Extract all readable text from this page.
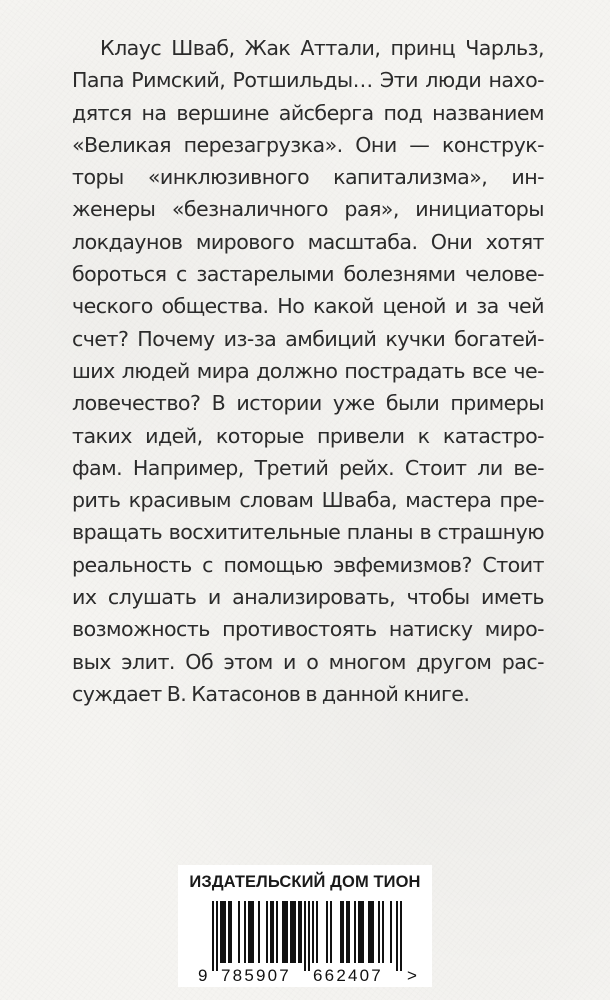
Клаус Шваб, Жак Аттали, принц Чарльз,
Папа Римский, Ротшильды… Эти люди нахо-
дятся на вершине айсберга под названием
«Великая перезагрузка». Они — конструк-
торы «инклюзивного капитализма», ин-
женеры «безналичного рая», инициаторы
локдаунов мирового масштаба. Они хотят
бороться с застарелыми болезнями челове-
ческого общества. Но какой ценой и за чей
счет? Почему из-за амбиций кучки богатей-
ших людей мира должно пострадать все че-
ловечество? В истории уже были примеры
таких идей, которые привели к катастро-
фам. Например, Третий рейх. Стоит ли ве-
рить красивым словам Шваба, мастера пре-
вращать восхитительные планы в страшную
реальность с помощью эвфемизмов? Стоит
их слушать и анализировать, чтобы иметь
возможность противостоять натиску миро-
вых элит. Об этом и о многом другом рас-
суждает В. Катасонов в данной книге.
ИЗДАТЕЛЬСКИЙ ДОМ ТИОН
9 785907 662407 >
